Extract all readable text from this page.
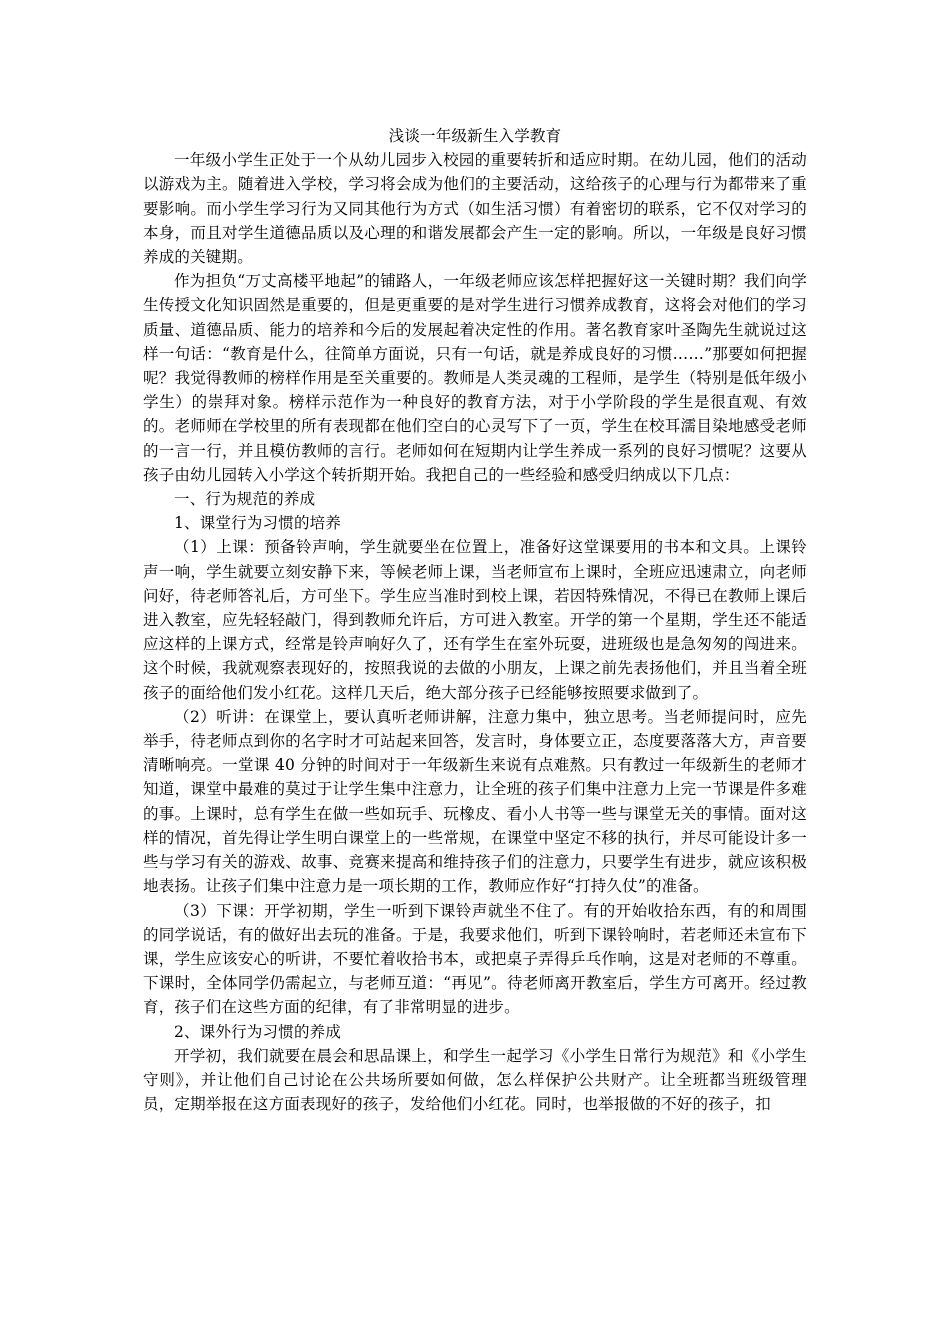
浅谈一年级新生入学教育

一年级小学生正处于一个从幼儿园步入校园的重要转折和适应时期。在幼儿园，他们的活动以游戏为主。随着进入学校，学习将会成为他们的主要活动，这给孩子的心理与行为都带来了重要影响。而小学生学习行为又同其他行为方式（如生活习惯）有着密切的联系，它不仅对学习的本身，而且对学生道德品质以及心理的和谐发展都会产生一定的影响。所以，一年级是良好习惯养成的关键期。

作为担负“万丈高楼平地起”的铺路人，一年级老师应该怎样把握好这一关键时期？我们向学生传授文化知识固然是重要的，但是更重要的是对学生进行习惯养成教育，这将会对他们的学习质量、道德品质、能力的培养和今后的发展起着决定性的作用。著名教育家叶圣陶先生就说过这样一句话：“教育是什么，往简单方面说，只有一句话，就是养成良好的习惯……”那要如何把握呢？我觉得教师的榜样作用是至关重要的。教师是人类灵魂的工程师，是学生（特别是低年级小学生）的崇拜对象。榜样示范作为一种良好的教育方法，对于小学阶段的学生是很直观、有效的。老师师在学校里的所有表现都在他们空白的心灵写下了一页，学生在校耳濡目染地感受老师的一言一行，并且模仿教师的言行。老师如何在短期内让学生养成一系列的良好习惯呢？这要从孩子由幼儿园转入小学这个转折期开始。我把自己的一些经验和感受归纳成以下几点：

一、行为规范的养成

1、课堂行为习惯的培养

（1）上课：预备铃声响，学生就要坐在位置上，准备好这堂课要用的书本和文具。上课铃声一响，学生就要立刻安静下来，等候老师上课，当老师宣布上课时，全班应迅速肃立，向老师问好，待老师答礼后，方可坐下。学生应当准时到校上课，若因特殊情况，不得已在教师上课后进入教室，应先轻轻敲门，得到教师允许后，方可进入教室。开学的第一个星期，学生还不能适应这样的上课方式，经常是铃声响好久了，还有学生在室外玩耍，进班级也是急匆匆的闯进来。这个时候，我就观察表现好的，按照我说的去做的小朋友，上课之前先表扬他们，并且当着全班孩子的面给他们发小红花。这样几天后，绝大部分孩子已经能够按照要求做到了。

（2）听讲：在课堂上，要认真听老师讲解，注意力集中，独立思考。当老师提问时，应先举手，待老师点到你的名字时才可站起来回答，发言时，身体要立正，态度要落落大方，声音要清晰响亮。一堂课 40 分钟的时间对于一年级新生来说有点难熬。只有教过一年级新生的老师才知道，课堂中最难的莫过于让学生集中注意力，让全班的孩子们集中注意力上完一节课是件多难的事。上课时，总有学生在做一些如玩手、玩橡皮、看小人书等一些与课堂无关的事情。面对这样的情况，首先得让学生明白课堂上的一些常规，在课堂中坚定不移的执行，并尽可能设计多一些与学习有关的游戏、故事、竞赛来提高和维持孩子们的注意力，只要学生有进步，就应该积极地表扬。让孩子们集中注意力是一项长期的工作，教师应作好“打持久仗”的准备。

（3）下课：开学初期，学生一听到下课铃声就坐不住了。有的开始收拾东西，有的和周围的同学说话，有的做好出去玩的准备。于是，我要求他们，听到下课铃响时，若老师还未宣布下课，学生应该安心的听讲，不要忙着收拾书本，或把桌子弄得乒乓作响，这是对老师的不尊重。下课时，全体同学仍需起立，与老师互道：“再见”。待老师离开教室后，学生方可离开。经过教育，孩子们在这些方面的纪律，有了非常明显的进步。

2、课外行为习惯的养成

开学初，我们就要在晨会和思品课上，和学生一起学习《小学生日常行为规范》和《小学生守则》，并让他们自己讨论在公共场所要如何做，怎么样保护公共财产。让全班都当班级管理员，定期举报在这方面表现好的孩子，发给他们小红花。同时，也举报做的不好的孩子，扣
